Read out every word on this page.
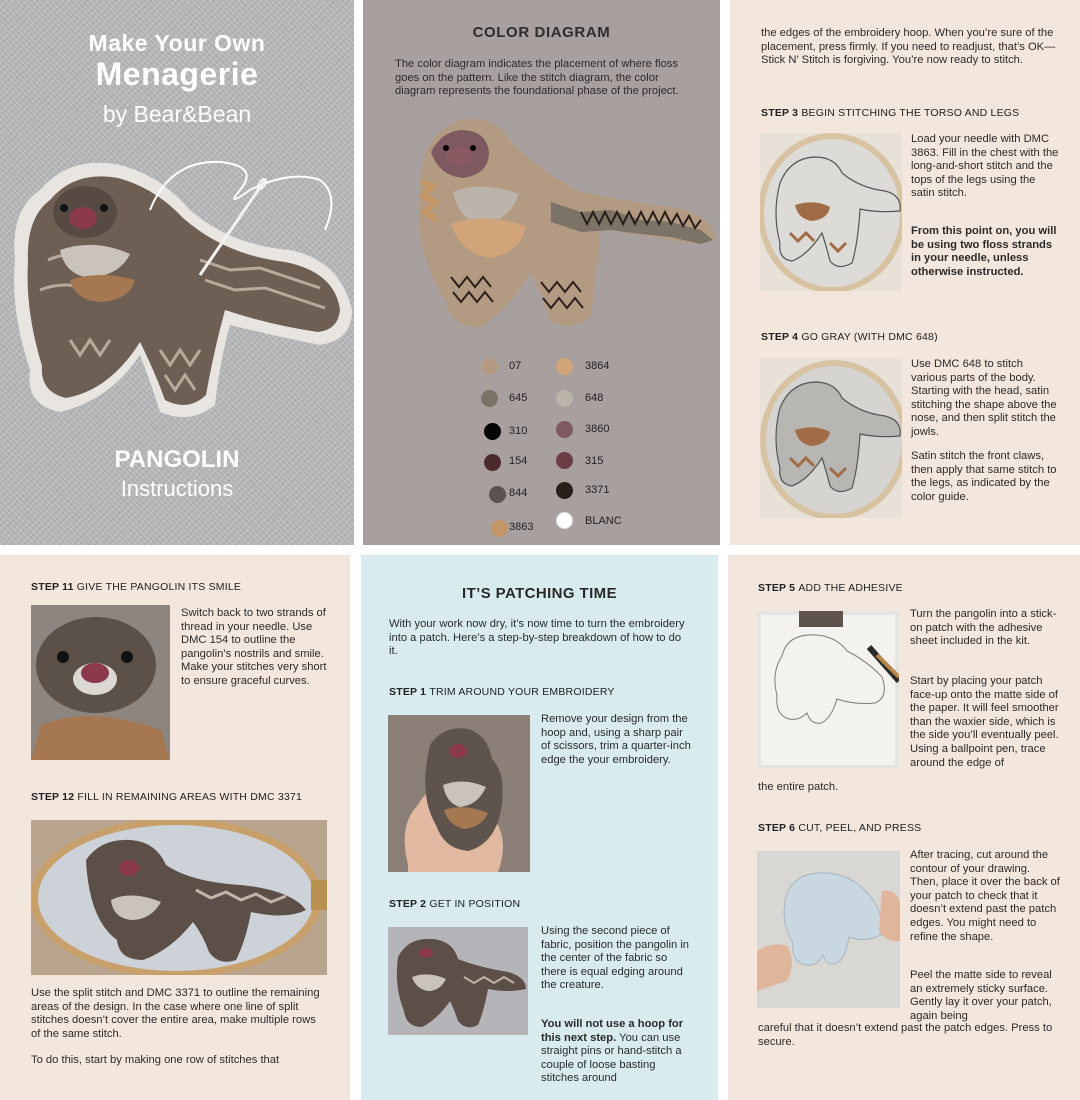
Make Your Own
Menagerie
by Bear&Bean
PANGOLIN
Instructions
COLOR DIAGRAM
The color diagram indicates the placement of where floss goes on the pattern. Like the stitch diagram, the color diagram represents the foundational phase of the project.
07	3864
645	648
310	3860
154	315
844	3371
3863	BLANC
the edges of the embroidery hoop. When you’re sure of the placement, press firmly. If you need to readjust, that’s OK—Stick N’ Stitch is forgiving. You’re now ready to stitch.
STEP 3 BEGIN STITCHING THE TORSO AND LEGS
Load your needle with DMC 3863. Fill in the chest with the long-and-short stitch and the tops of the legs using the satin stitch.
From this point on, you will be using two floss strands in your needle, unless otherwise instructed.
STEP 4 GO GRAY (WITH DMC 648)
Use DMC 648 to stitch various parts of the body. Starting with the head, satin stitching the shape above the nose, and then split stitch the jowls.
Satin stitch the front claws, then apply that same stitch to the legs, as indicated by the color guide.
STEP 11 GIVE THE PANGOLIN ITS SMILE
Switch back to two strands of thread in your needle. Use DMC 154 to outline the pangolin’s nostrils and smile. Make your stitches very short to ensure graceful curves.
STEP 12 FILL IN REMAINING AREAS WITH DMC 3371
Use the split stitch and DMC 3371 to outline the remaining areas of the design. In the case where one line of split stitches doesn’t cover the entire area, make multiple rows of the same stitch.
To do this, start by making one row of stitches that
IT’S PATCHING TIME
With your work now dry, it’s now time to turn the embroidery into a patch. Here’s a step-by-step breakdown of how to do it.
STEP 1 TRIM AROUND YOUR EMBROIDERY
Remove your design from the hoop and, using a sharp pair of scissors, trim a quarter-inch edge the your embroidery.
STEP 2 GET IN POSITION
Using the second piece of fabric, position the pangolin in the center of the fabric so there is equal edging around the creature.
You will not use a hoop for this next step. You can use straight pins or hand-stitch a couple of loose basting stitches around
STEP 5 ADD THE ADHESIVE
Turn the pangolin into a stick-on patch with the adhesive sheet included in the kit.
Start by placing your patch face-up onto the matte side of the paper. It will feel smoother than the waxier side, which is the side you’ll eventually peel. Using a ballpoint pen, trace around the edge of
the entire patch.
STEP 6 CUT, PEEL, AND PRESS
After tracing, cut around the contour of your drawing. Then, place it over the back of your patch to check that it doesn’t extend past the patch edges. You might need to refine the shape.
Peel the matte side to reveal an extremely sticky surface. Gently lay it over your patch, again being
careful that it doesn’t extend past the patch edges. Press to secure.
